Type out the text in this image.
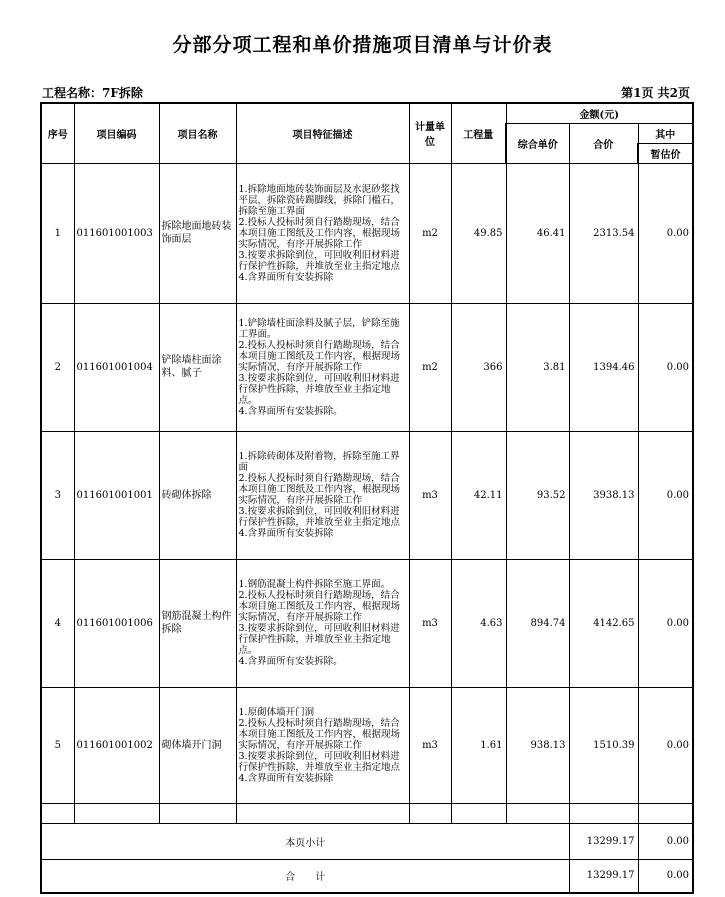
分部分项工程和单价措施项目清单与计价表
工程名称：7F拆除	第1页 共2页
序号	项目编码	项目名称	项目特征描述	计量单位	工程量	金额(元)		
						综合单价	合价	其中
								暂估价
1	011601001003	拆除地面地砖装饰面层	1.拆除地面地砖装饰面层及水泥砂浆找平层，拆除瓷砖踢脚线，拆除门槛石，拆除至施工界面
2.投标人投标时须自行踏勘现场，结合本项目施工图纸及工作内容，根据现场实际情况，有序开展拆除工作
3.按要求拆除到位，可回收利旧材料进行保护性拆除，并堆放至业主指定地点
4.含界面所有安装拆除	m2	49.85	46.41	2313.54	0.00
2	011601001004	铲除墙柱面涂料、腻子	1.铲除墙柱面涂料及腻子层，铲除至施工界面。
2.投标人投标时须自行踏勘现场，结合本项目施工图纸及工作内容，根据现场实际情况，有序开展拆除工作
3.按要求拆除到位，可回收利旧材料进行保护性拆除，并堆放至业主指定地点。
4.含界面所有安装拆除。	m2	366	3.81	1394.46	0.00
3	011601001001	砖砌体拆除	1.拆除砖砌体及附着物，拆除至施工界面
2.投标人投标时须自行踏勘现场，结合本项目施工图纸及工作内容，根据现场实际情况，有序开展拆除工作
3.按要求拆除到位，可回收利旧材料进行保护性拆除，并堆放至业主指定地点
4.含界面所有安装拆除	m3	42.11	93.52	3938.13	0.00
4	011601001006	钢筋混凝土构件拆除	1.钢筋混凝土构件拆除至施工界面。
2.投标人投标时须自行踏勘现场，结合本项目施工图纸及工作内容，根据现场实际情况，有序开展拆除工作
3.按要求拆除到位，可回收利旧材料进行保护性拆除，并堆放至业主指定地点。
4.含界面所有安装拆除。	m3	4.63	894.74	4142.65	0.00
5	011601001002	砌体墙开门洞	1.原砌体墙开门洞
2.投标人投标时须自行踏勘现场，结合本项目施工图纸及工作内容，根据现场实际情况，有序开展拆除工作
3.按要求拆除到位，可回收利旧材料进行保护性拆除，并堆放至业主指定地点
4.含界面所有安装拆除	m3	1.61	938.13	1510.39	0.00

本页小计							13299.17	0.00
合　　计							13299.17	0.00
